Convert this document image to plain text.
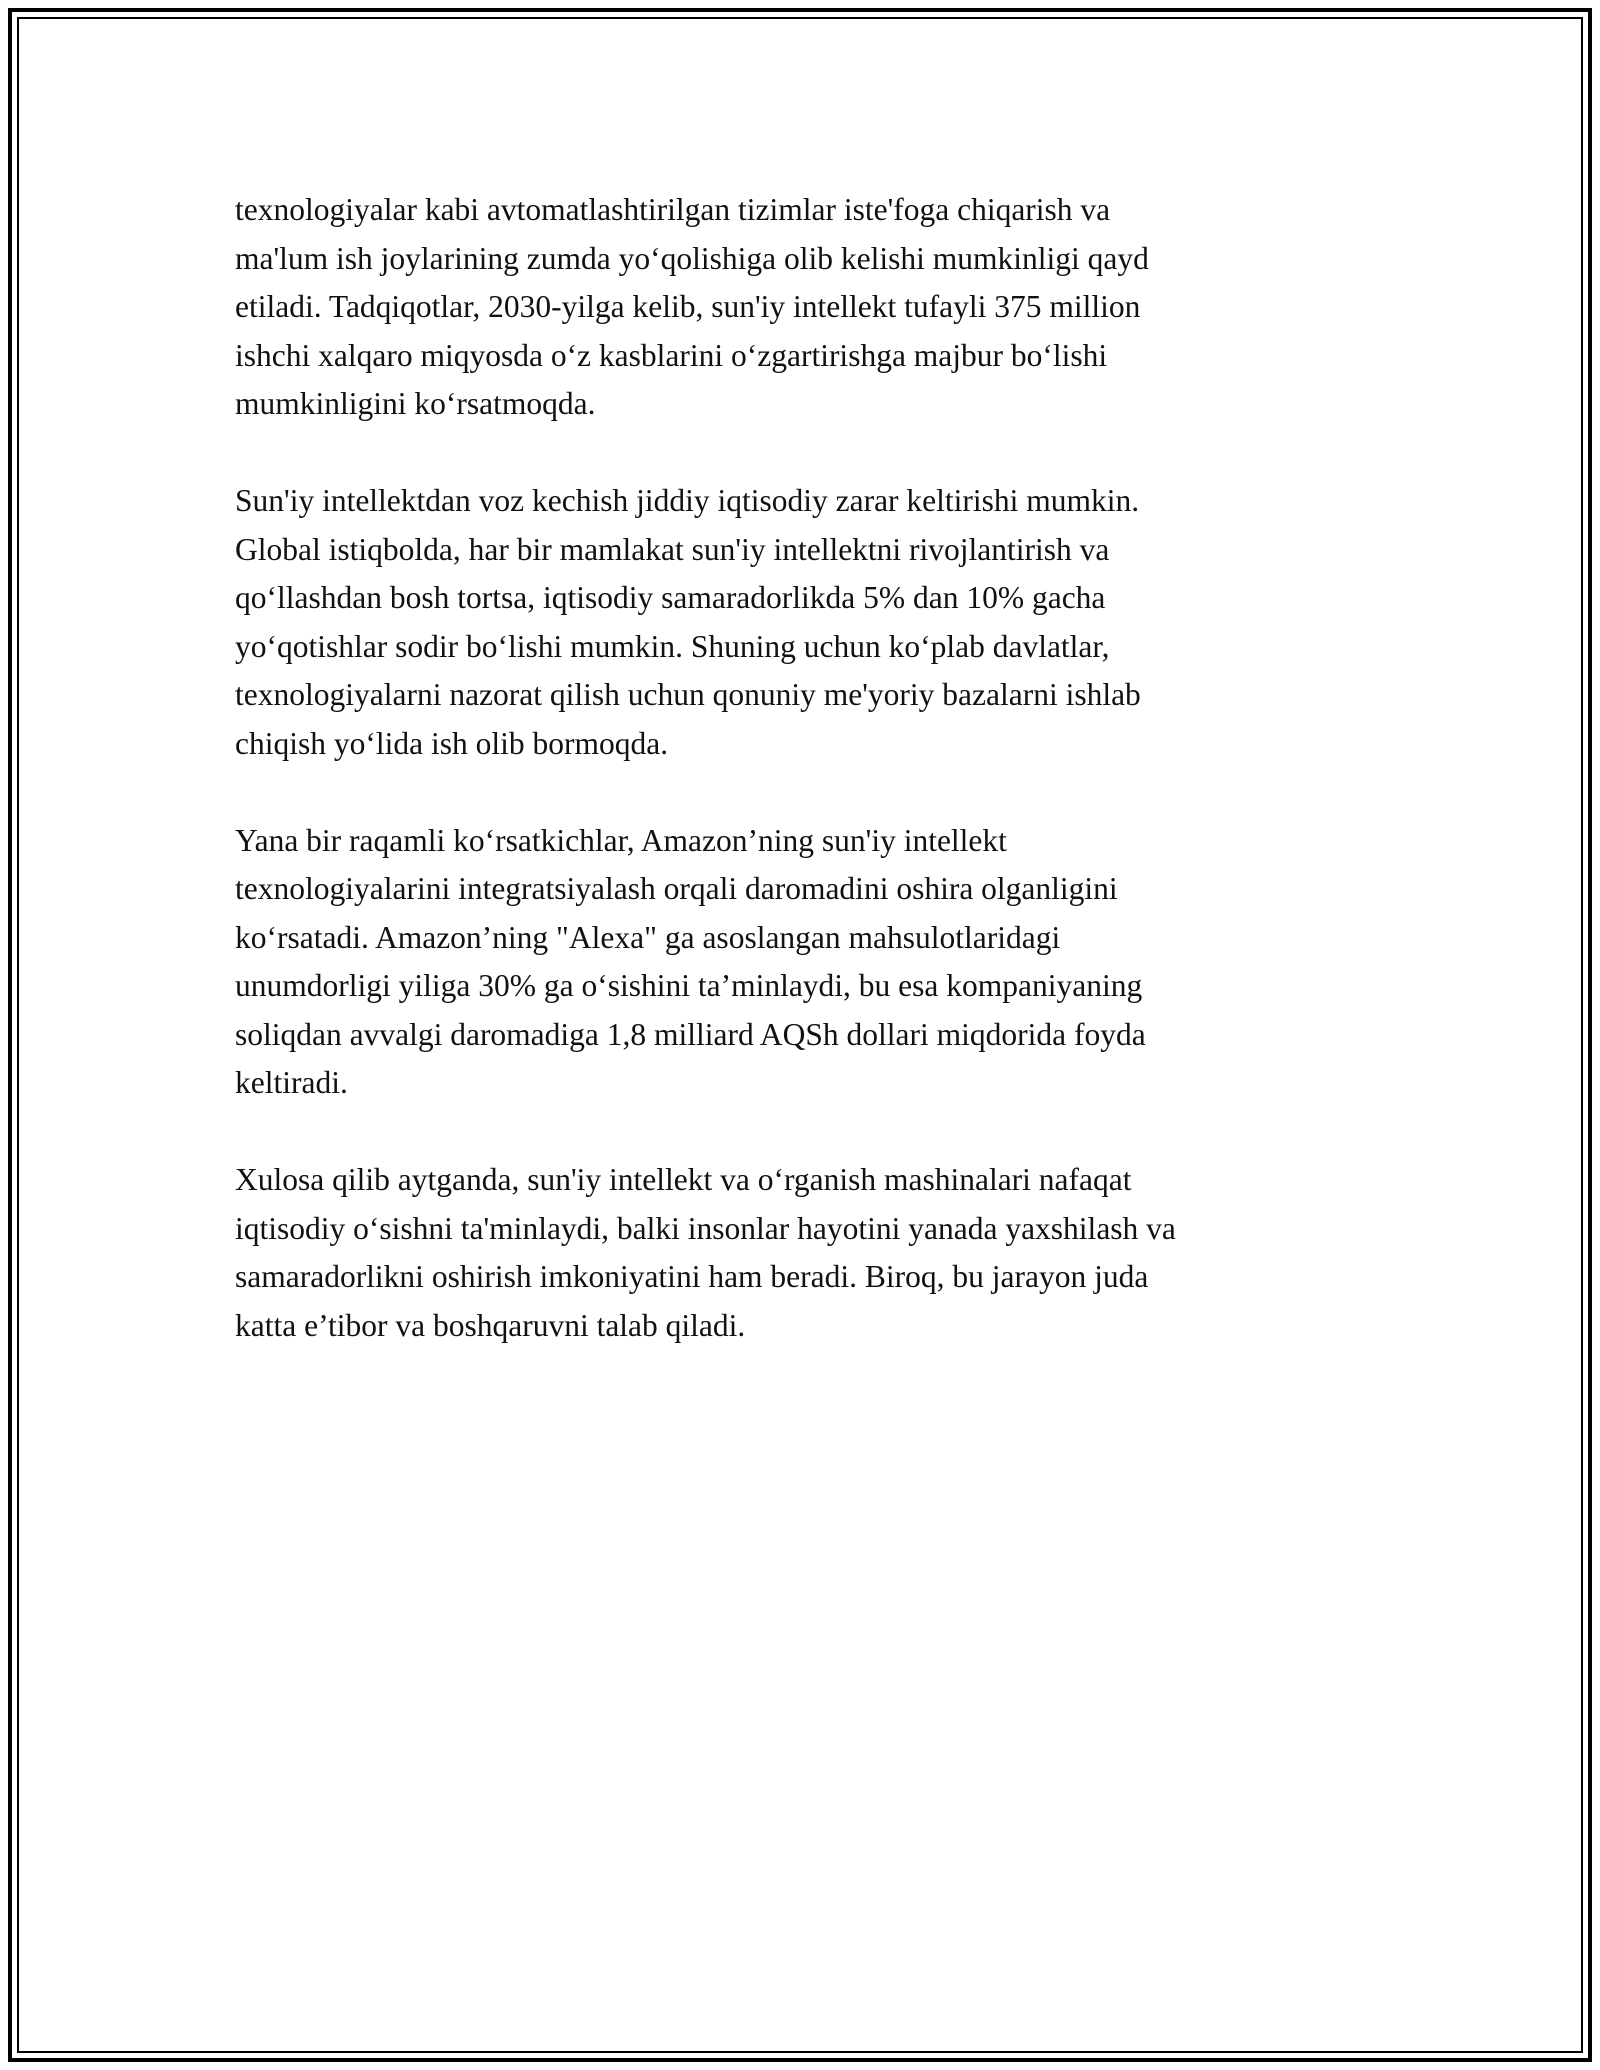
texnologiyalar kabi avtomatlashtirilgan tizimlar iste'foga chiqarish va
ma'lum ish joylarining zumda yo‘qolishiga olib kelishi mumkinligi qayd
etiladi. Tadqiqotlar, 2030-yilga kelib, sun'iy intellekt tufayli 375 million
ishchi xalqaro miqyosda o‘z kasblarini o‘zgartirishga majbur bo‘lishi
mumkinligini ko‘rsatmoqda.

Sun'iy intellektdan voz kechish jiddiy iqtisodiy zarar keltirishi mumkin.
Global istiqbolda, har bir mamlakat sun'iy intellektni rivojlantirish va
qo‘llashdan bosh tortsa, iqtisodiy samaradorlikda 5% dan 10% gacha
yo‘qotishlar sodir bo‘lishi mumkin. Shuning uchun ko‘plab davlatlar,
texnologiyalarni nazorat qilish uchun qonuniy me'yoriy bazalarni ishlab
chiqish yo‘lida ish olib bormoqda.

Yana bir raqamli ko‘rsatkichlar, Amazon’ning sun'iy intellekt
texnologiyalarini integratsiyalash orqali daromadini oshira olganligini
ko‘rsatadi. Amazon’ning "Alexa" ga asoslangan mahsulotlaridagi
unumdorligi yiliga 30% ga o‘sishini ta’minlaydi, bu esa kompaniyaning
soliqdan avvalgi daromadiga 1,8 milliard AQSh dollari miqdorida foyda
keltiradi.

Xulosa qilib aytganda, sun'iy intellekt va o‘rganish mashinalari nafaqat
iqtisodiy o‘sishni ta'minlaydi, balki insonlar hayotini yanada yaxshilash va
samaradorlikni oshirish imkoniyatini ham beradi. Biroq, bu jarayon juda
katta e’tibor va boshqaruvni talab qiladi.
